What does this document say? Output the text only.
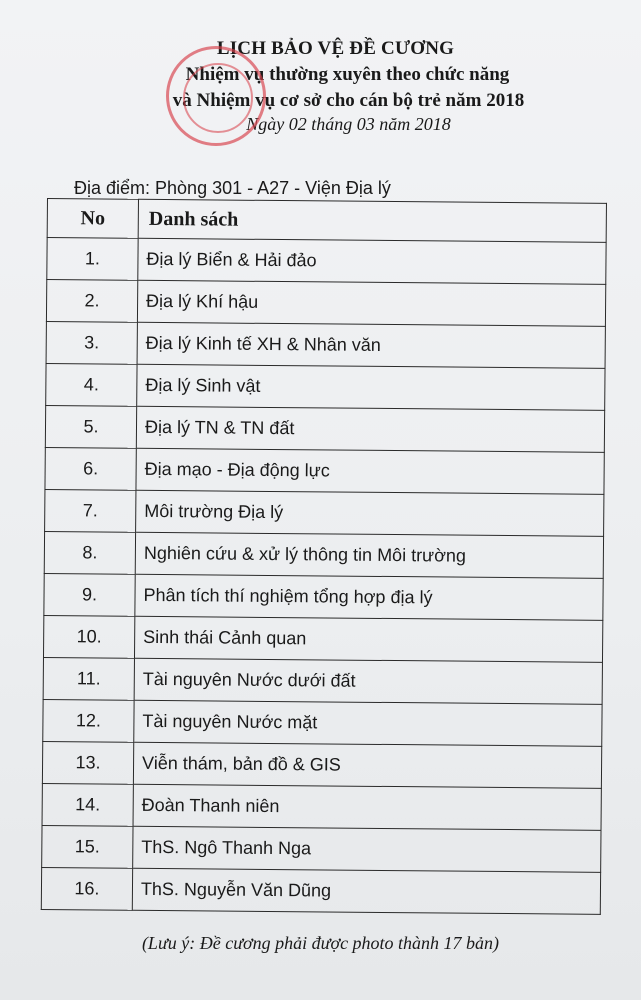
LỊCH BẢO VỆ ĐỀ CƯƠNG
Nhiệm vụ thường xuyên theo chức năng
và Nhiệm vụ cơ sở cho cán bộ trẻ năm 2018
Ngày 02 tháng 03 năm 2018
Địa điểm: Phòng 301 - A27 - Viện Địa lý
No	Danh sách
1.	Địa lý Biển & Hải đảo
2.	Địa lý Khí hậu
3.	Địa lý Kinh tế XH & Nhân văn
4.	Địa lý Sinh vật
5.	Địa lý TN & TN đất
6.	Địa mạo - Địa động lực
7.	Môi trường Địa lý
8.	Nghiên cứu & xử lý thông tin Môi trường
9.	Phân tích thí nghiệm tổng hợp địa lý
10.	Sinh thái Cảnh quan
11.	Tài nguyên Nước dưới đất
12.	Tài nguyên Nước mặt
13.	Viễn thám, bản đồ & GIS
14.	Đoàn Thanh niên
15.	ThS. Ngô Thanh Nga
16.	ThS. Nguyễn Văn Dũng
(Lưu ý: Đề cương phải được photo thành 17 bản)
